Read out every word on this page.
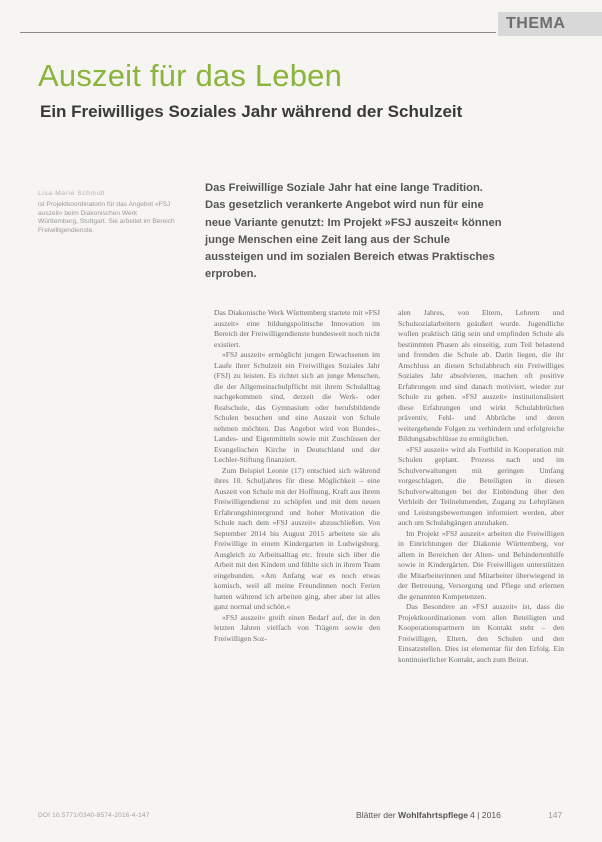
THEMA
Auszeit für das Leben
Ein Freiwilliges Soziales Jahr während der Schulzeit
Lisa-Marie Schmidt
ist Projektkoordinatorin für das Angebot »FSJ auszeit« beim Diakonischen Werk Württemberg, Stuttgart. Sie arbeitet im Bereich Freiwilligendienste.
Das Freiwillige Soziale Jahr hat eine lange Tradition. Das gesetzlich verankerte Angebot wird nun für eine neue Variante genutzt: Im Projekt »FSJ auszeit« können junge Menschen eine Zeit lang aus der Schule aussteigen und im sozialen Bereich etwas Praktisches erproben.

Das Diakonische Werk Württemberg startete mit »FSJ auszeit« eine bildungspolitische Innovation im Bereich der Freiwilligendienste bundesweit noch nicht existiert.

»FSJ auszeit« ermöglicht jungen Erwachsenen im Laufe ihrer Schulzeit ein Freiwilliges Soziales Jahr (FSJ) zu leisten. Es richtet sich an junge Menschen, die der Allgemeinschulpflicht mit ihrem Schulalltag nachgekommen sind, derzeit die Werk- oder Realschule, das Gymnasium oder berufsbildende Schulen besuchen und eine Auszeit von Schule nehmen möchten. Das Angebot wird von Bundes-, Landes- und Eigenmitteln sowie mit Zuschüssen der Evangelischen Kirche in Deutschland und der Lechler-Stiftung finanziert.

Zum Beispiel Leonie (17) entschied sich während ihres 10. Schuljahres für diese Möglichkeit – eine Auszeit von Schule mit der Hoffnung, Kraft aus ihrem Freiwilligendienst zu schöpfen und mit dem neuen Erfahrungshintergrund und hoher Motivation die Schule nach dem »FSJ auszeit« abzuschließen. Von September 2014 bis August 2015 arbeitete sie als Freiwillige in einem Kindergarten in Ludwigsburg. Ausgleich zu Arbeitsalltag etc. freute sich über die Arbeit mit den Kindern und fühlte sich in ihrem Team eingebunden. »Am Anfang war es noch etwas komisch, weil all meine Freundinnen noch Ferien hatten während ich arbeiten ging, aber aber ist alles ganz normal und schön.«

»FSJ auszeit« greift einen Bedarf auf, der in den letzten Jahren vielfach von Trägern sowie den Freiwilligen Soz-

alen Jahres, von Eltern, Lehrern und Schulsozialarbeitern geäußert wurde. Jugendliche wollen praktisch tätig sein und empfinden Schule als bestimmten Phasen als einseitig, zum Teil belastend und fremden die Schule ab. Darin liegen, die ihr Anschluss an diesen Schulabbruch ein Freiwilliges Soziales Jahr absolvieren, machen oft positive Erfahrungen und sind danach motiviert, wieder zur Schule zu gehen. »FSJ auszeit« institutionalisiert diese Erfahrungen und wirkt Schulabbrüchen präventiv, Fehl- und Abbrüche und deren weitergehende Folgen zu verhindern und erfolgreiche Bildungsabschlüsse zu ermöglichen.

»FSJ auszeit« wird als Fortbild in Kooperation mit Schulen geplant. Prozess nach und im Schulverwaltungen mit geringen Umfang vorgeschlagen, die Beteiligten in diesen Schulverwaltungen bei der Einbindung über den Verbleib der Teilnehmenden, Zugang zu Lehrplänen und Leistungsbewertungen informiert werden, aber auch um Schulabgängen anzuhaken.

Im Projekt »FSJ auszeit« arbeiten die Freiwilligen in Einrichtungen der Diakonie Württemberg, vor allem in Bereichen der Alten- und Behindertenhilfe sowie in Kindergärten. Die Freiwilligen unterstützen die Mitarbeiterinnen und Mitarbeiter überwiegend in der Betreuung, Versorgung und Pflege und erlernen die genannten Kompetenzen.

Das Besondere an »FSJ auszeit« ist, dass die Projektkoordinationen vom allen Beteiligten und Kooperationspartnern im Kontakt steht – den Freiwilligen, Eltern, den Schulen und den Einsatzstellen. Dies ist elementar für den Erfolg. Ein kontinuierlicher Kontakt, auch zum Beirat.

DOI 10.5771/0340-8574-2016-4-147	Blätter der Wohlfahrtspflege 4 | 2016	147
